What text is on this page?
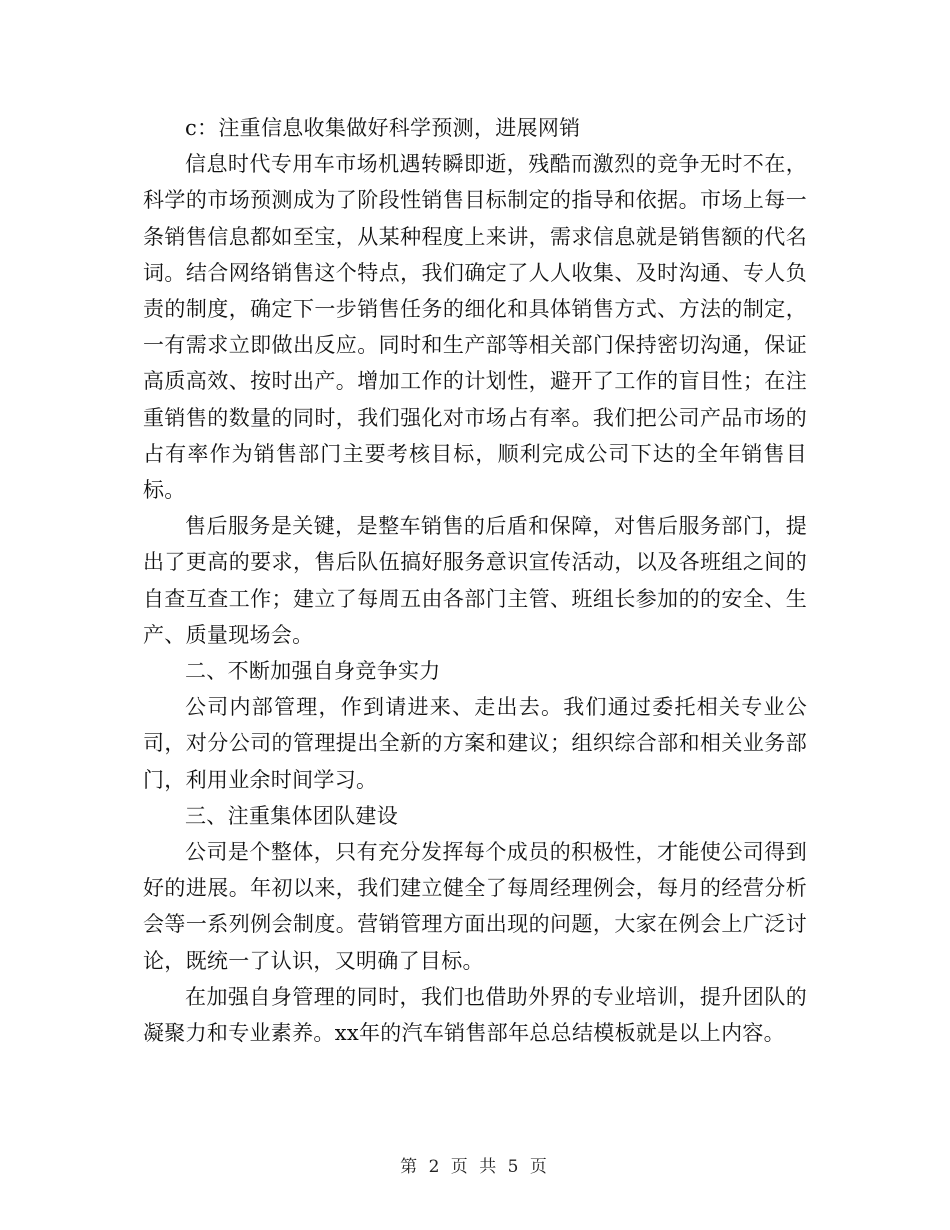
c：注重信息收集做好科学预测，进展网销

信息时代专用车市场机遇转瞬即逝，残酷而激烈的竞争无时不在，科学的市场预测成为了阶段性销售目标制定的指导和依据。市场上每一条销售信息都如至宝，从某种程度上来讲，需求信息就是销售额的代名词。结合网络销售这个特点，我们确定了人人收集、及时沟通、专人负责的制度，确定下一步销售任务的细化和具体销售方式、方法的制定，一有需求立即做出反应。同时和生产部等相关部门保持密切沟通，保证高质高效、按时出产。增加工作的计划性，避开了工作的盲目性；在注重销售的数量的同时，我们强化对市场占有率。我们把公司产品市场的占有率作为销售部门主要考核目标，顺利完成公司下达的全年销售目标。

售后服务是关键，是整车销售的后盾和保障，对售后服务部门，提出了更高的要求，售后队伍搞好服务意识宣传活动，以及各班组之间的自查互查工作；建立了每周五由各部门主管、班组长参加的的安全、生产、质量现场会。

二、不断加强自身竞争实力

公司内部管理，作到请进来、走出去。我们通过委托相关专业公司，对分公司的管理提出全新的方案和建议；组织综合部和相关业务部门，利用业余时间学习。

三、注重集体团队建设

公司是个整体，只有充分发挥每个成员的积极性，才能使公司得到好的进展。年初以来，我们建立健全了每周经理例会，每月的经营分析会等一系列例会制度。营销管理方面出现的问题，大家在例会上广泛讨论，既统一了认识，又明确了目标。

在加强自身管理的同时，我们也借助外界的专业培训，提升团队的凝聚力和专业素养。xx年的汽车销售部年总总结模板就是以上内容。

第 2 页 共 5 页
